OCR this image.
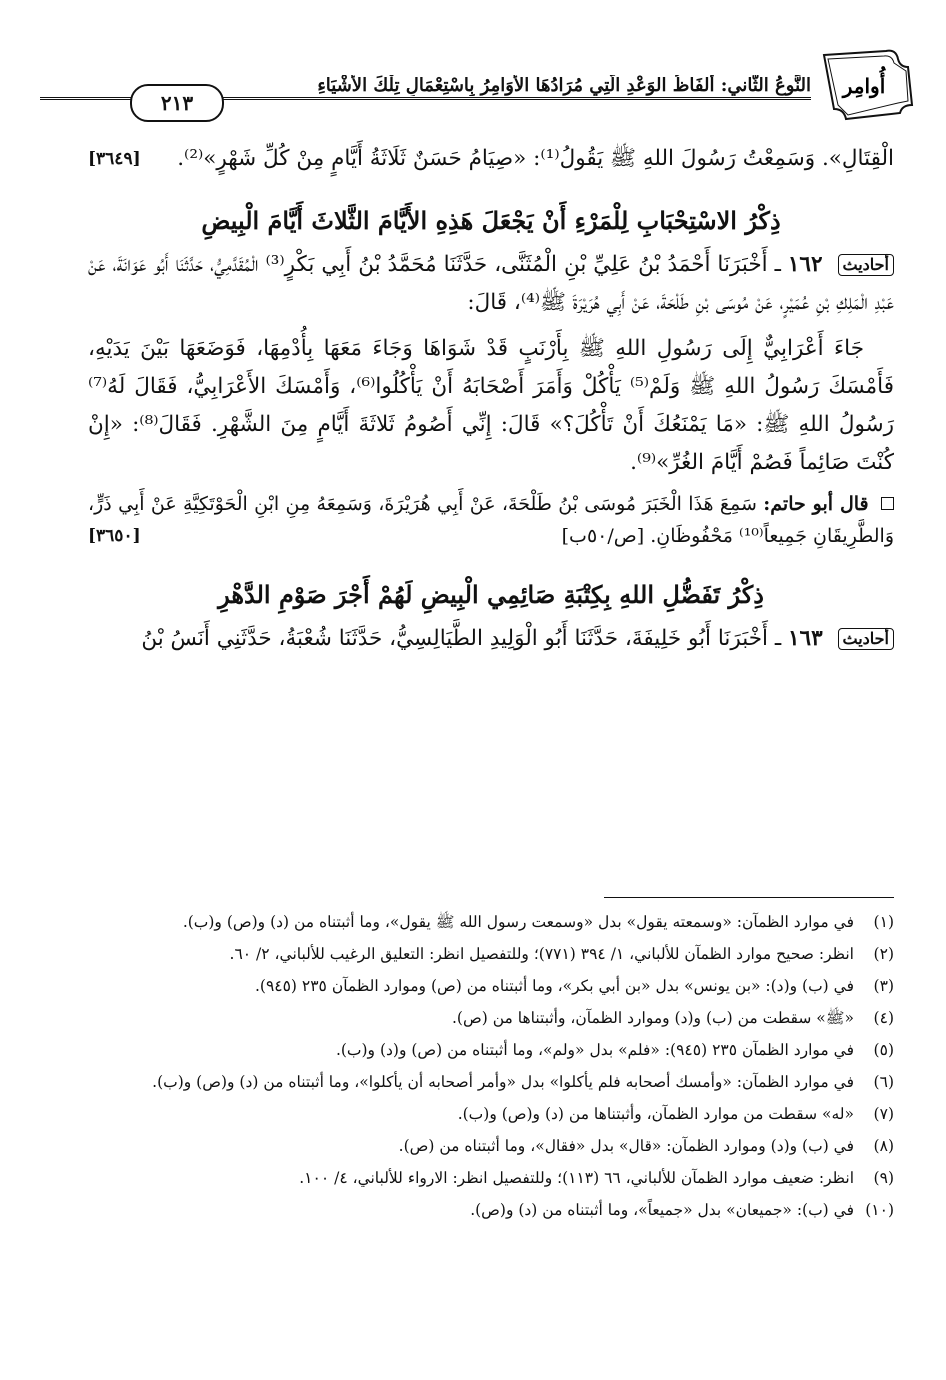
أُوامِر
النَّوعُ الثَّاني: أَلفَاظُ الوَعْدِ الَّتِي مُرَادُهَا الأَوَامِرُ بِاسْتِعْمَالِ تِلْكَ الأَشْيَاءِ
٢١٣

الْقِتَالِ». وَسَمِعْتُ رَسُولَ اللهِ ﷺ يَقُولُ⁽¹⁾: «صِيَامُ حَسَنٌ ثَلَاثَةُ أَيَّامٍ مِنْ كُلِّ شَهْرٍ»⁽²⁾.
[٣٦٤٩]

ذِكْرُ الاسْتِحْبَابِ لِلْمَرْءِ أَنْ يَجْعَلَ هَذِهِ الأَيَّامَ الثَّلاثَ أَيَّامَ الْبِيضِ

أحاديث ١٦٢ ـ أَخْبَرَنَا أَحْمَدُ بْنُ عَلِيِّ بْنِ الْمُثَنَّى، حَدَّثَنَا مُحَمَّدُ بْنُ أَبِي بَكْرٍ⁽³⁾ الْمُقَدَّمِيُّ، حَدَّثَنَا أَبُو عَوَانَةَ، عَنْ عَبْدِ الْمَلِكِ بْنِ عُمَيْرٍ، عَنْ مُوسَى بْنِ طَلْحَةَ، عَنْ أَبِي هُرَيْرَةَ ﷺ⁽⁴⁾، قَالَ:

جَاءَ أَعْرَابِيٌّ إِلَى رَسُولِ اللهِ ﷺ بِأَرْنَبٍ قَدْ شَوَاهَا وَجَاءَ مَعَهَا بِأُدْمِهَا، فَوَضَعَهَا بَيْنَ يَدَيْهِ، فَأَمْسَكَ رَسُولُ اللهِ ﷺ وَلَمْ⁽⁵⁾ يَأْكُلْ وَأَمَرَ أَصْحَابَهُ أَنْ يَأْكُلُوا⁽⁶⁾، وَأَمْسَكَ الأَعْرَابِيُّ، فَقَالَ لَهُ⁽⁷⁾ رَسُولُ اللهِ ﷺ: «مَا يَمْنَعُكَ أَنْ تَأْكُلَ؟» قَالَ: إِنِّي أَصُومُ ثَلاثَةَ أَيَّامٍ مِنَ الشَّهْرِ. فَقَالَ⁽⁸⁾: «إِنْ كُنْتَ صَائِماً فَصُمْ أَيَّامَ الغُرِّ»⁽⁹⁾.

قال أبو حاتم: سَمِعَ هَذَا الْخَبَرَ مُوسَى بْنُ طَلْحَةَ، عَنْ أَبِي هُرَيْرَةَ، وَسَمِعَهُ مِنِ ابْنِ الْحَوْتَكِيَّةِ عَنْ أَبِي ذَرٍّ، وَالطَّرِيقَانِ جَمِيعاً⁽¹⁰⁾ مَحْفُوظَانِ. [ص/٥٠ب]
[٣٦٥٠]

ذِكْرُ تَفَضُّلِ اللهِ بِكِتْبَةِ صَائِمِي الْبِيضِ لَهُمْ أَجْرَ صَوْمِ الدَّهْرِ

أحاديث ١٦٣ ـ أَخْبَرَنَا أَبُو خَلِيفَةَ، حَدَّثَنَا أَبُو الْوَلِيدِ الطَّيَالِسِيُّ، حَدَّثَنَا شُعْبَةُ، حَدَّثَنِي أَنَسُ بْنُ

(١)
في موارد الظمآن: «وسمعته يقول» بدل «وسمعت رسول الله ﷺ يقول»، وما أثبتناه من (د) و(ص) و(ب).
(٢)
انظر: صحيح موارد الظمآن للألباني، ١/ ٣٩٤ (٧٧١)؛ وللتفصيل انظر: التعليق الرغيب للألباني، ٢/ ٦٠.
(٣)
في (ب) و(د): «بن يونس» بدل «بن أبي بكر»، وما أثبتناه من (ص) وموارد الظمآن ٢٣٥ (٩٤٥).
(٤)
«ﷺ» سقطت من (ب) و(د) وموارد الظمآن، وأثبتناها من (ص).
(٥)
في موارد الظمآن ٢٣٥ (٩٤٥): «فلم» بدل «ولم»، وما أثبتناه من (ص) و(د) و(ب).
(٦)
في موارد الظمآن: «وأمسك أصحابه فلم يأكلوا» بدل «وأمر أصحابه أن يأكلوا»، وما أثبتناه من (د) و(ص) و(ب).
(٧)
«له» سقطت من موارد الظمآن، وأثبتناها من (د) و(ص) و(ب).
(٨)
في (ب) و(د) وموارد الظمآن: «قال» بدل «فقال»، وما أثبتناه من (ص).
(٩)
انظر: ضعيف موارد الظمآن للألباني، ٦٦ (١١٣)؛ وللتفصيل انظر: الارواء للألباني، ٤/ ١٠٠.
(١٠)
في (ب): «جميعان» بدل «جميعاً»، وما أثبتناه من (د) و(ص).
